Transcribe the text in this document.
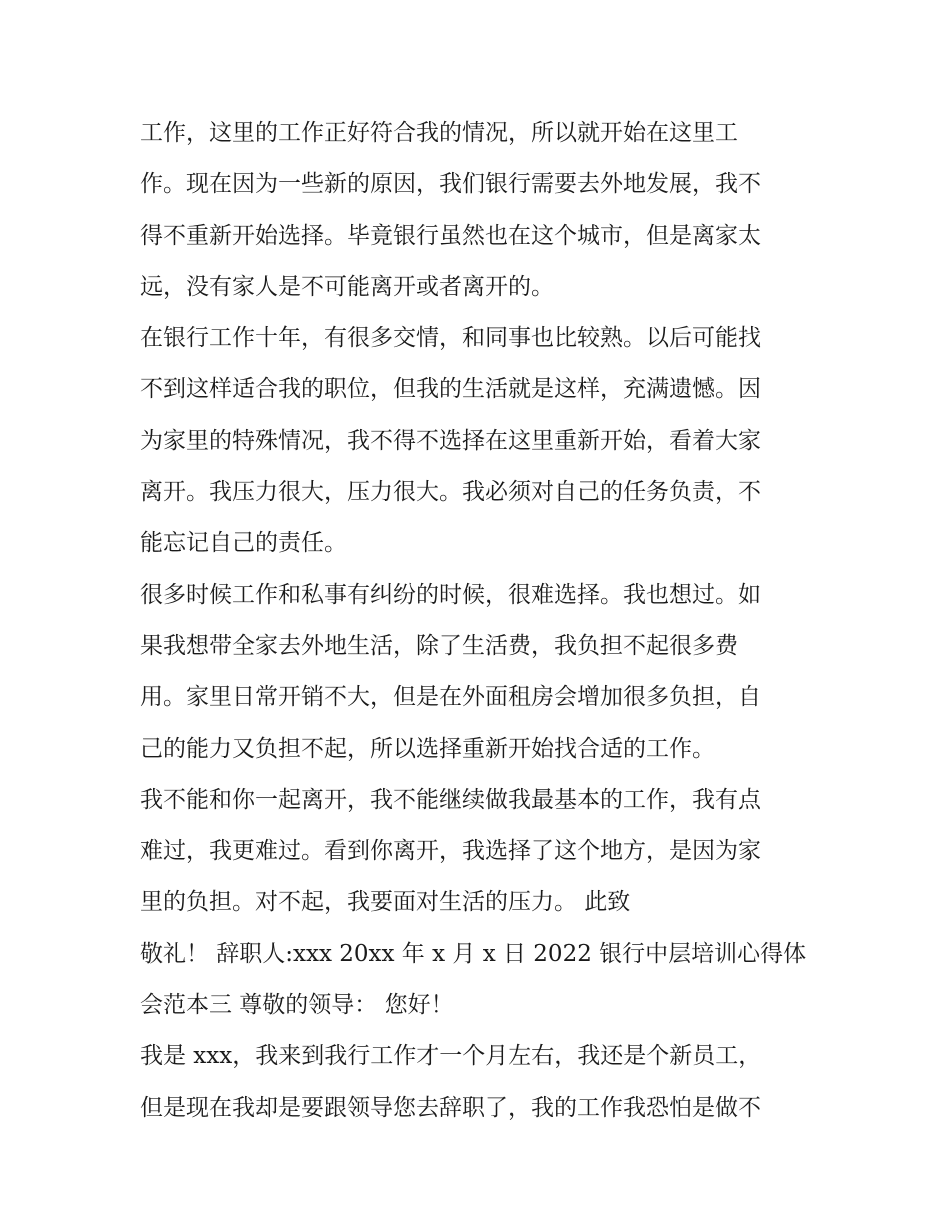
工作，这里的工作正好符合我的情况，所以就开始在这里工
作。现在因为一些新的原因，我们银行需要去外地发展，我不
得不重新开始选择。毕竟银行虽然也在这个城市，但是离家太
远，没有家人是不可能离开或者离开的。
在银行工作十年，有很多交情，和同事也比较熟。以后可能找
不到这样适合我的职位，但我的生活就是这样，充满遗憾。因
为家里的特殊情况，我不得不选择在这里重新开始，看着大家
离开。我压力很大，压力很大。我必须对自己的任务负责，不
能忘记自己的责任。
很多时候工作和私事有纠纷的时候，很难选择。我也想过。如
果我想带全家去外地生活，除了生活费，我负担不起很多费
用。家里日常开销不大，但是在外面租房会增加很多负担，自
己的能力又负担不起，所以选择重新开始找合适的工作。
我不能和你一起离开，我不能继续做我最基本的工作，我有点
难过，我更难过。看到你离开，我选择了这个地方，是因为家
里的负担。对不起，我要面对生活的压力。 此致
敬礼！ 辞职人:xxx 20xx 年 x 月 x 日 2022 银行中层培训心得体
会范本三 尊敬的领导： 您好！
我是 xxx，我来到我行工作才一个月左右，我还是个新员工，
但是现在我却是要跟领导您去辞职了，我的工作我恐怕是做不
